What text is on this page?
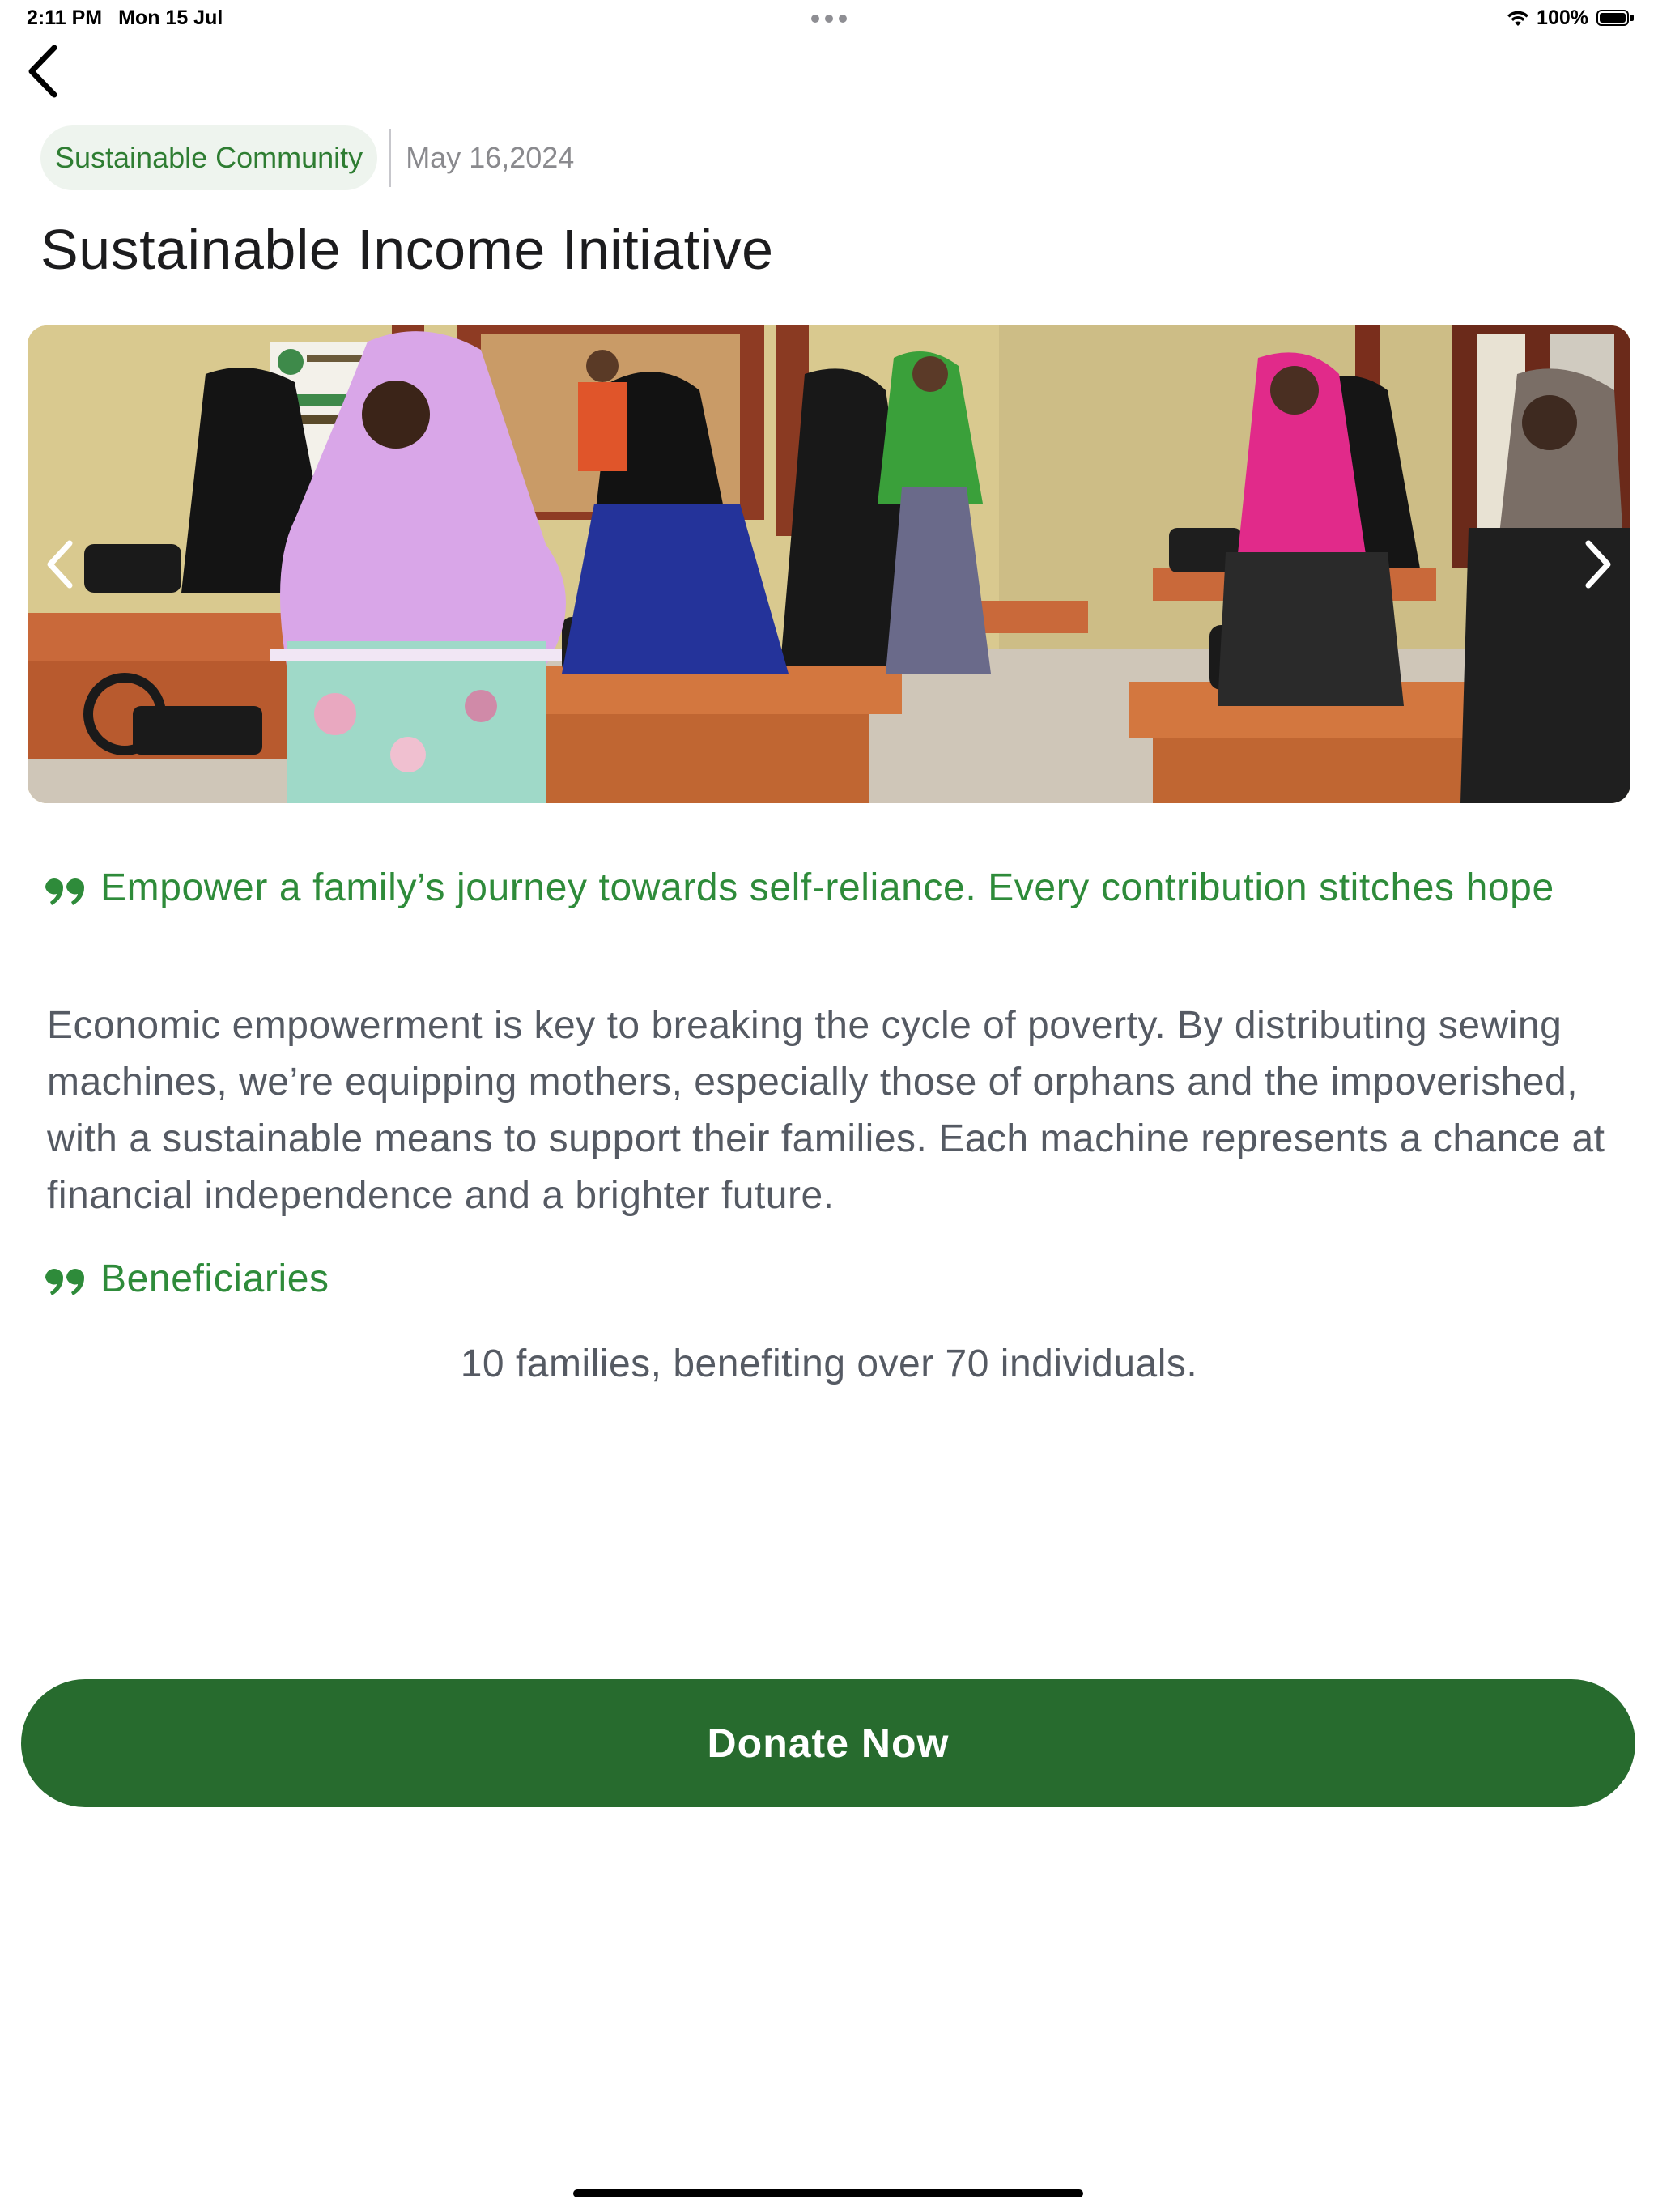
2:11 PM Mon 15 Jul	100%
Sustainable Community	May 16,2024
Sustainable Income Initiative
Empower a family’s journey towards self-reliance. Every contribution stitches hope

Economic empowerment is key to breaking the cycle of poverty. By distributing sewing machines, we’re equipping mothers, especially those of orphans and the impoverished, with a sustainable means to support their families. Each machine represents a chance at financial independence and a brighter future.

Beneficiaries
10 families, benefiting over 70 individuals.
Donate Now
